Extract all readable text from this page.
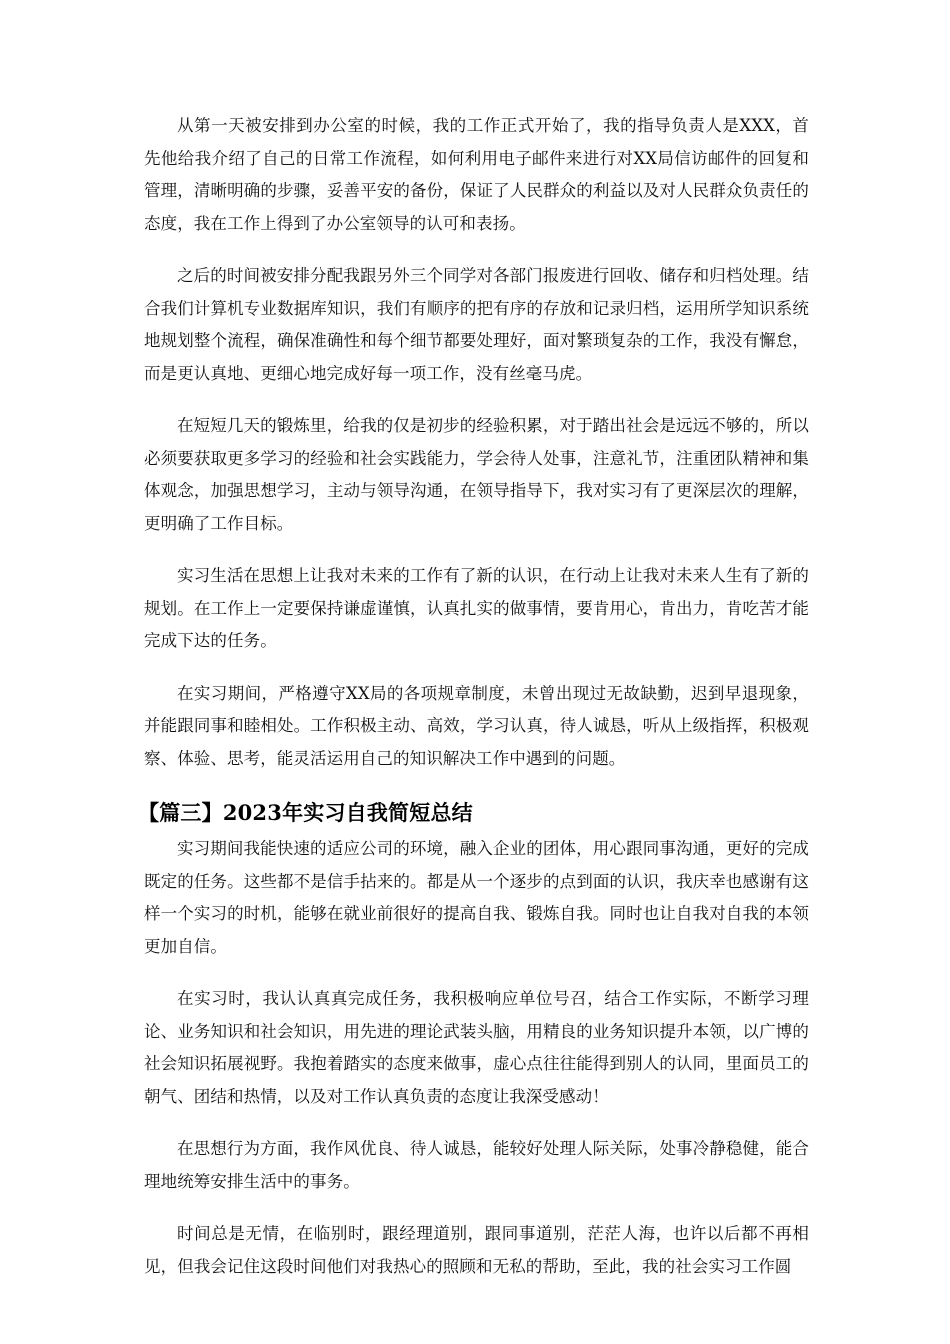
从第一天被安排到办公室的时候，我的工作正式开始了，我的指导负责人是XXX，首先他给我介绍了自己的日常工作流程，如何利用电子邮件来进行对XX局信访邮件的回复和管理，清晰明确的步骤，妥善平安的备份，保证了人民群众的利益以及对人民群众负责任的态度，我在工作上得到了办公室领导的认可和表扬。

之后的时间被安排分配我跟另外三个同学对各部门报废进行回收、储存和归档处理。结合我们计算机专业数据库知识，我们有顺序的把有序的存放和记录归档，运用所学知识系统地规划整个流程，确保准确性和每个细节都要处理好，面对繁琐复杂的工作，我没有懈怠，而是更认真地、更细心地完成好每一项工作，没有丝毫马虎。

在短短几天的锻炼里，给我的仅是初步的经验积累，对于踏出社会是远远不够的，所以必须要获取更多学习的经验和社会实践能力，学会待人处事，注意礼节，注重团队精神和集体观念，加强思想学习，主动与领导沟通，在领导指导下，我对实习有了更深层次的理解，更明确了工作目标。

实习生活在思想上让我对未来的工作有了新的认识，在行动上让我对未来人生有了新的规划。在工作上一定要保持谦虚谨慎，认真扎实的做事情，要肯用心，肯出力，肯吃苦才能完成下达的任务。

在实习期间，严格遵守XX局的各项规章制度，未曾出现过无故缺勤，迟到早退现象，并能跟同事和睦相处。工作积极主动、高效，学习认真，待人诚恳，听从上级指挥，积极观察、体验、思考，能灵活运用自己的知识解决工作中遇到的问题。

【篇三】2023年实习自我简短总结

实习期间我能快速的适应公司的环境，融入企业的团体，用心跟同事沟通，更好的完成既定的任务。这些都不是信手拈来的。都是从一个逐步的点到面的认识，我庆幸也感谢有这样一个实习的时机，能够在就业前很好的提高自我、锻炼自我。同时也让自我对自我的本领更加自信。

在实习时，我认认真真完成任务，我积极响应单位号召，结合工作实际，不断学习理论、业务知识和社会知识，用先进的理论武装头脑，用精良的业务知识提升本领，以广博的社会知识拓展视野。我抱着踏实的态度来做事，虚心点往往能得到别人的认同，里面员工的朝气、团结和热情，以及对工作认真负责的态度让我深受感动！

在思想行为方面，我作风优良、待人诚恳，能较好处理人际关际，处事冷静稳健，能合理地统筹安排生活中的事务。

时间总是无情，在临别时，跟经理道别，跟同事道别，茫茫人海，也许以后都不再相见，但我会记住这段时间他们对我热心的照顾和无私的帮助，至此，我的社会实习工作圆
